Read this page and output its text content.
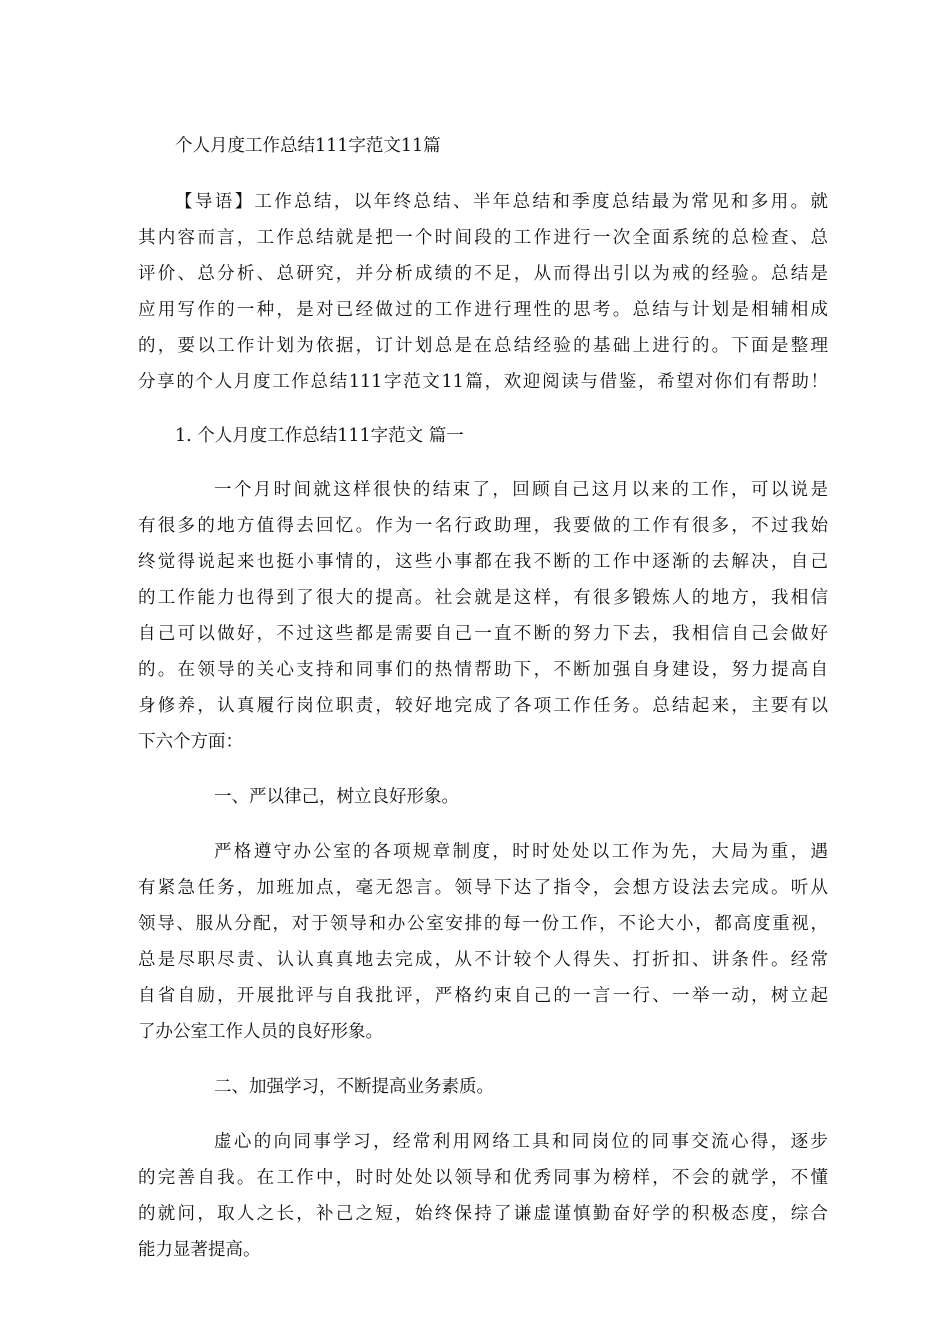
个人月度工作总结111字范文11篇
【导语】工作总结，以年终总结、半年总结和季度总结最为常见和多用。就
其内容而言，工作总结就是把一个时间段的工作进行一次全面系统的总检查、总
评价、总分析、总研究，并分析成绩的不足，从而得出引以为戒的经验。总结是
应用写作的一种，是对已经做过的工作进行理性的思考。总结与计划是相辅相成
的，要以工作计划为依据，订计划总是在总结经验的基础上进行的。下面是整理
分享的个人月度工作总结111字范文11篇，欢迎阅读与借鉴，希望对你们有帮助！
1. 个人月度工作总结111字范文 篇一
一个月时间就这样很快的结束了，回顾自己这月以来的工作，可以说是
有很多的地方值得去回忆。作为一名行政助理，我要做的工作有很多，不过我始
终觉得说起来也挺小事情的，这些小事都在我不断的工作中逐渐的去解决，自己
的工作能力也得到了很大的提高。社会就是这样，有很多锻炼人的地方，我相信
自己可以做好，不过这些都是需要自己一直不断的努力下去，我相信自己会做好
的。在领导的关心支持和同事们的热情帮助下，不断加强自身建设，努力提高自
身修养，认真履行岗位职责，较好地完成了各项工作任务。总结起来，主要有以
下六个方面：
一、严以律己，树立良好形象。
严格遵守办公室的各项规章制度，时时处处以工作为先，大局为重，遇
有紧急任务，加班加点，毫无怨言。领导下达了指令，会想方设法去完成。听从
领导、服从分配，对于领导和办公室安排的每一份工作，不论大小，都高度重视，
总是尽职尽责、认认真真地去完成，从不计较个人得失、打折扣、讲条件。经常
自省自励，开展批评与自我批评，严格约束自己的一言一行、一举一动，树立起
了办公室工作人员的良好形象。
二、加强学习，不断提高业务素质。
虚心的向同事学习，经常利用网络工具和同岗位的同事交流心得，逐步
的完善自我。在工作中，时时处处以领导和优秀同事为榜样，不会的就学，不懂
的就问，取人之长，补己之短，始终保持了谦虚谨慎勤奋好学的积极态度，综合
能力显著提高。
